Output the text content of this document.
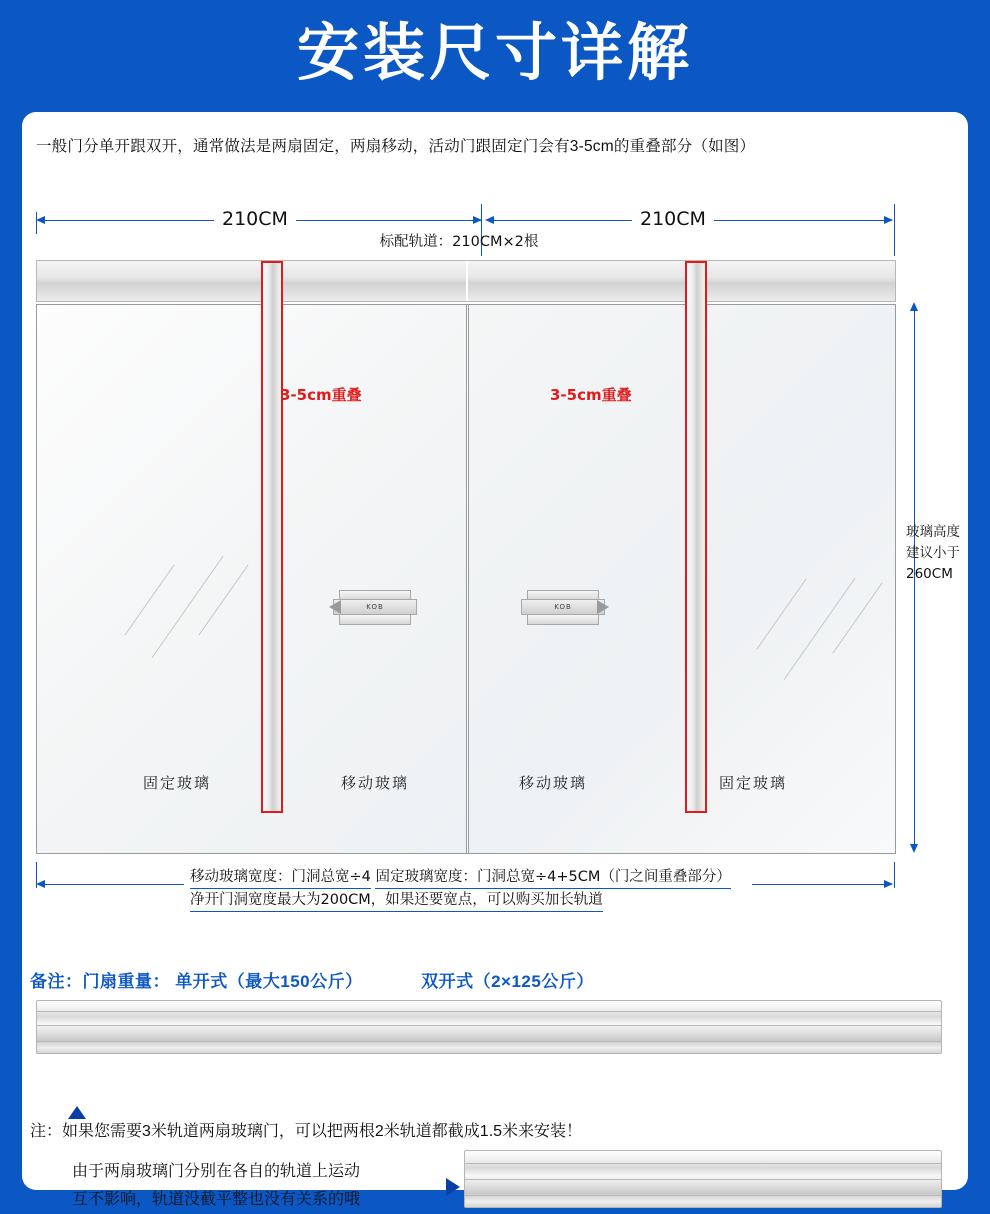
安装尺寸详解
一般门分单开跟双开，通常做法是两扇固定，两扇移动，活动门跟固定门会有3-5cm的重叠部分（如图）
210CM	210CM
标配轨道：210CM×2根
KOB	KOB
固定玻璃	移动玻璃	移动玻璃	固定玻璃
3-5cm重叠	3-5cm重叠
玻璃高度
建议小于
260CM
移动玻璃宽度：门洞总宽÷4 固定玻璃宽度：门洞总宽÷4+5CM（门之间重叠部分） 净开门洞宽度最大为200CM，如果还要宽点，可以购买加长轨道
备注：门扇重量： 单开式（最大150公斤）	双开式（2×125公斤）
注：如果您需要3米轨道两扇玻璃门，可以把两根2米轨道都截成1.5米来安装！
由于两扇玻璃门分别在各自的轨道上运动
互不影响，轨道没截平整也没有关系的哦
